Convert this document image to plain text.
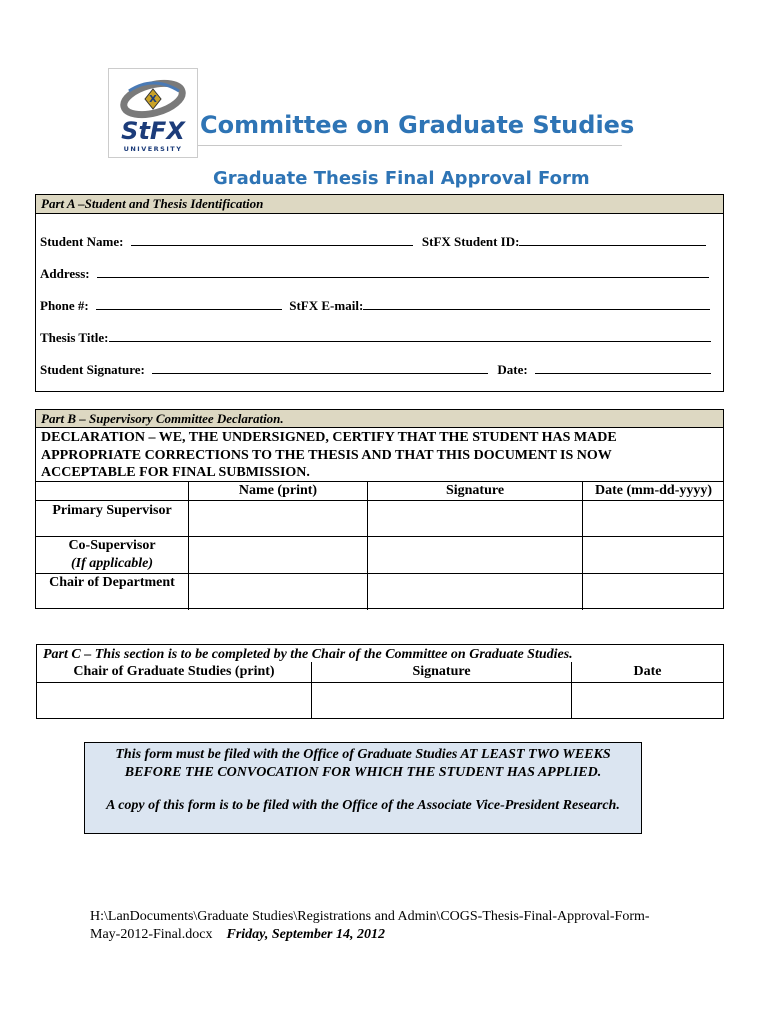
X
StFX
UNIVERSITY
Committee on Graduate Studies
Graduate Thesis Final Approval Form
Part A –Student and Thesis Identification
Student Name:	StFX Student ID:
Address:
Phone #:	StFX E-mail:
Thesis Title:
Student Signature:	Date:
Part B – Supervisory Committee Declaration.
DECLARATION – WE, THE UNDERSIGNED, CERTIFY THAT THE STUDENT HAS MADE APPROPRIATE CORRECTIONS TO THE THESIS AND THAT THIS DOCUMENT IS NOW ACCEPTABLE FOR FINAL SUBMISSION.
	Name (print)	Signature	Date (mm-dd-yyyy)
Primary Supervisor			

Co-Supervisor
(If applicable)			

Chair of Department			
Part C – This section is to be completed by the Chair of the Committee on Graduate Studies.
Chair of Graduate Studies (print)	Signature	Date

This form must be filed with the Office of Graduate Studies AT LEAST TWO WEEKS BEFORE THE CONVOCATION FOR WHICH THE STUDENT HAS APPLIED.
A copy of this form is to be filed with the Office of the Associate Vice-President Research.
H:\LanDocuments\Graduate Studies\Registrations and Admin\COGS-Thesis-Final-Approval-Form-May-2012-Final.docx Friday, September 14, 2012
